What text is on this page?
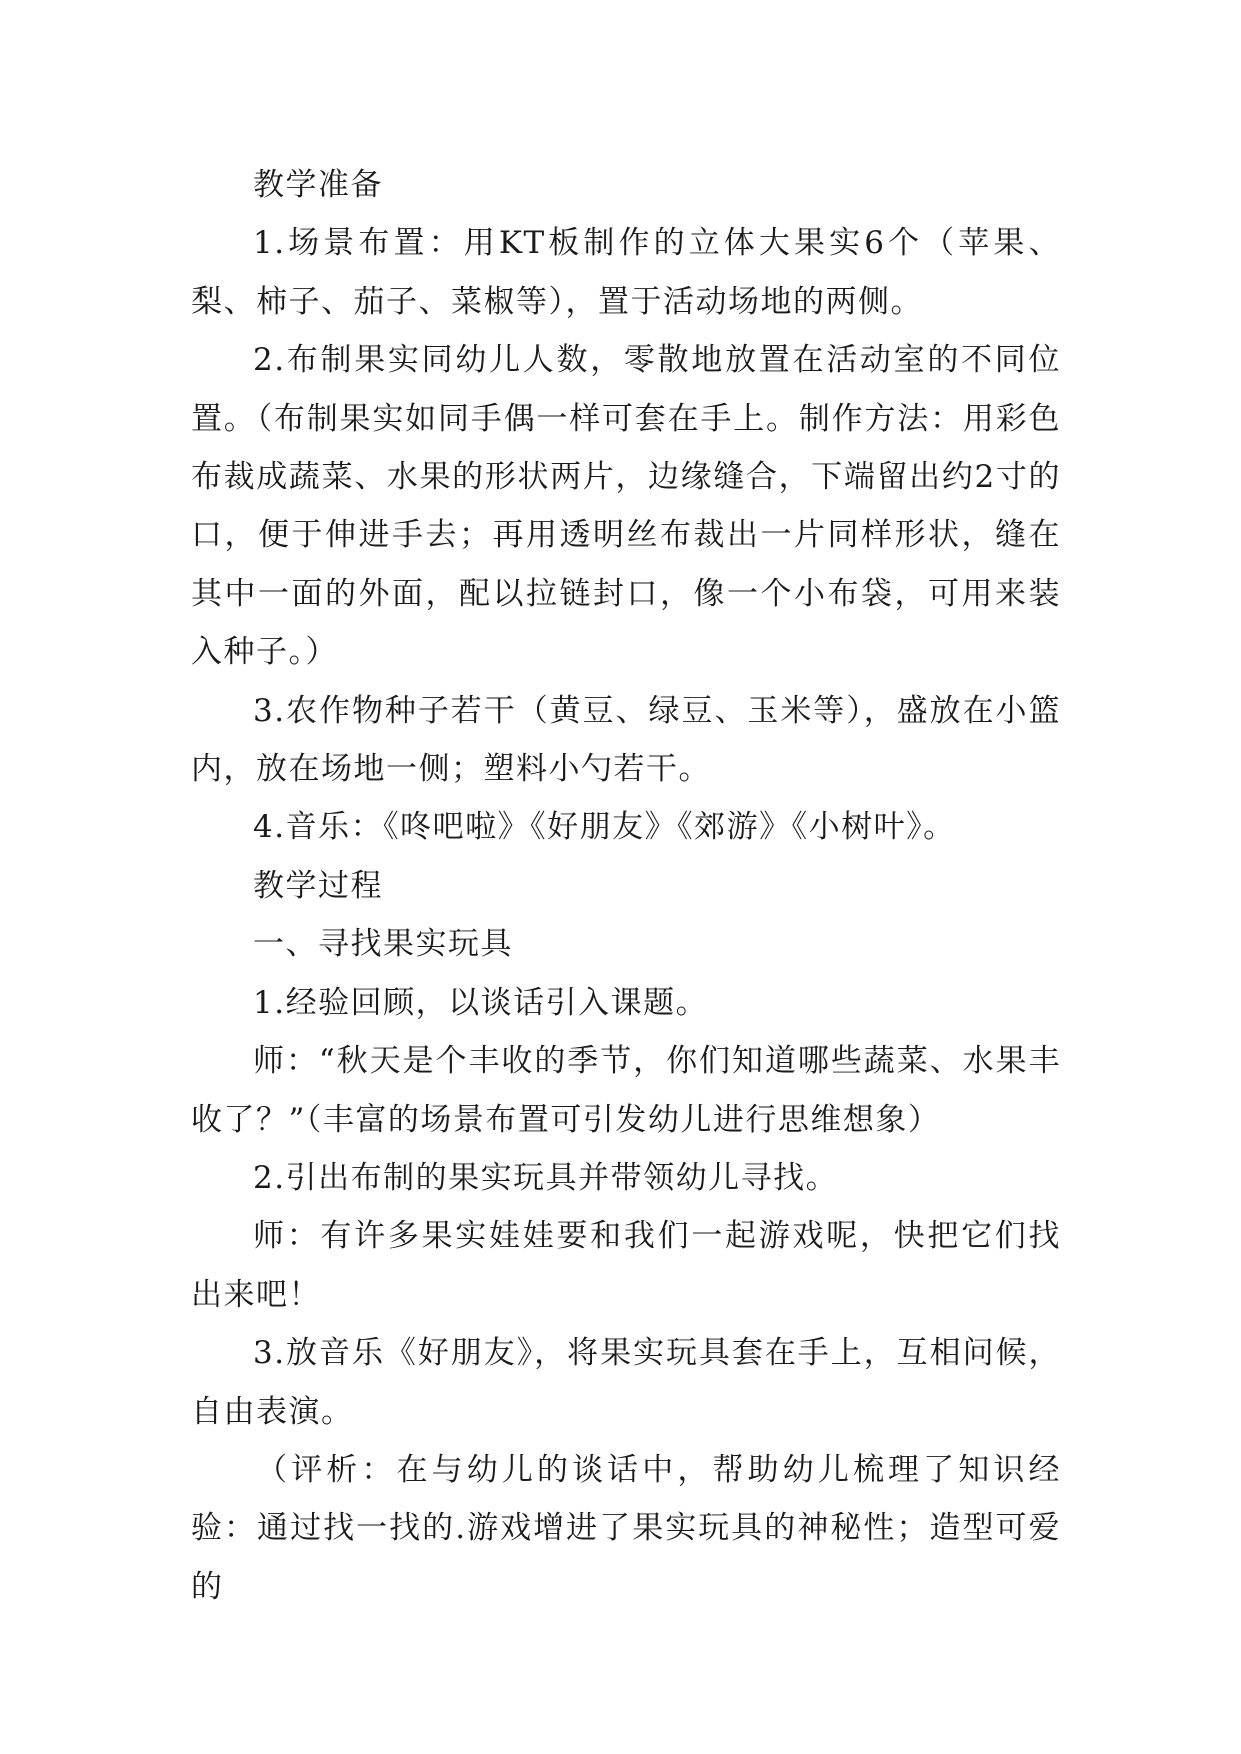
教学准备

1.场景布置：用KT板制作的立体大果实6个（苹果、梨、柿子、茄子、菜椒等），置于活动场地的两侧。

2.布制果实同幼儿人数，零散地放置在活动室的不同位置。（布制果实如同手偶一样可套在手上。制作方法：用彩色布裁成蔬菜、水果的形状两片，边缘缝合，下端留出约2寸的口，便于伸进手去；再用透明丝布裁出一片同样形状，缝在其中一面的外面，配以拉链封口，像一个小布袋，可用来装入种子。）

3.农作物种子若干（黄豆、绿豆、玉米等），盛放在小篮内，放在场地一侧；塑料小勺若干。

4.音乐：《咚吧啦》《好朋友》《郊游》《小树叶》。

教学过程

一、寻找果实玩具

1.经验回顾，以谈话引入课题。

师：“秋天是个丰收的季节，你们知道哪些蔬菜、水果丰收了？”（丰富的场景布置可引发幼儿进行思维想象）

2.引出布制的果实玩具并带领幼儿寻找。

师：有许多果实娃娃要和我们一起游戏呢，快把它们找出来吧！

3.放音乐《好朋友》，将果实玩具套在手上，互相问候，自由表演。

（评析：在与幼儿的谈话中，帮助幼儿梳理了知识经验：通过找一找的.游戏增进了果实玩具的神秘性；造型可爱的
